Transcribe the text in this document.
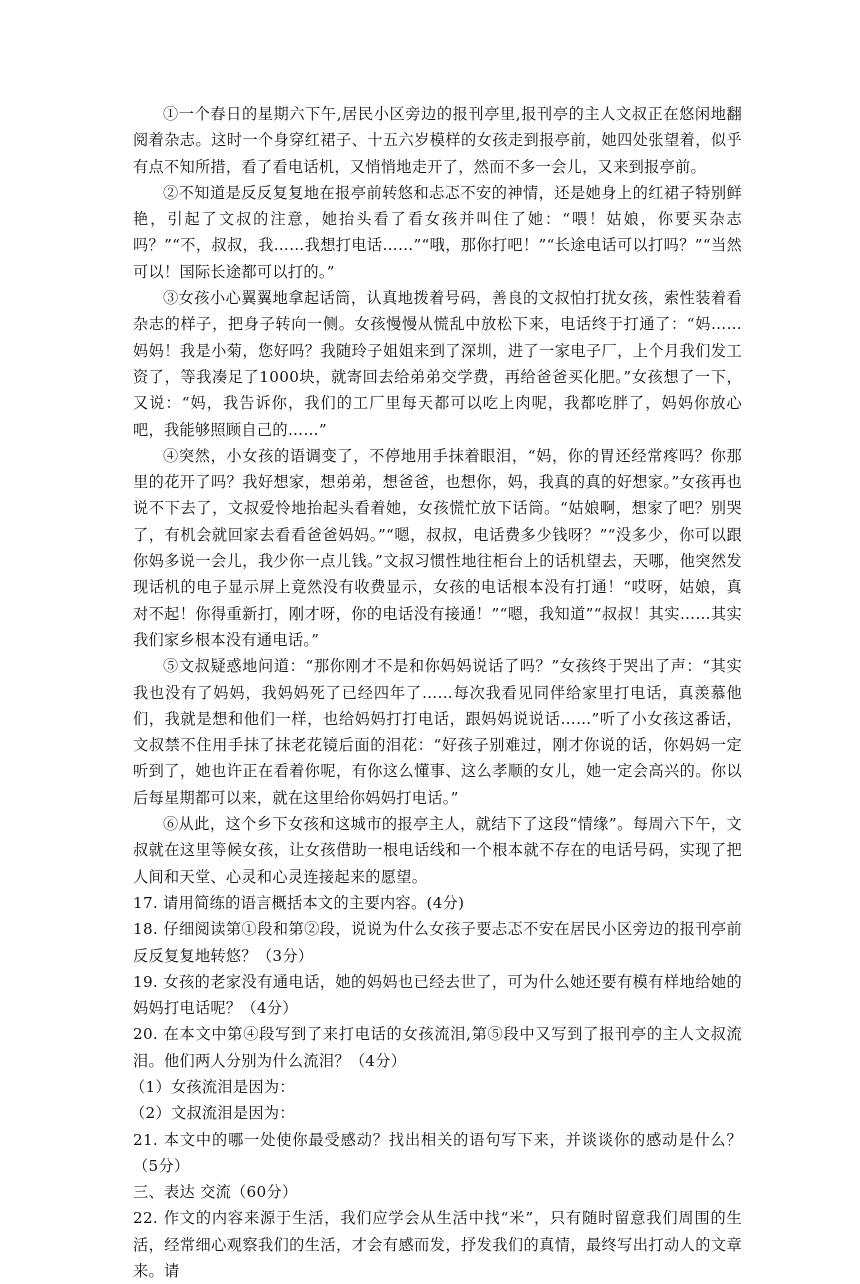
①一个春日的星期六下午,居民小区旁边的报刊亭里,报刊亭的主人文叔正在悠闲地翻阅着杂志。这时一个身穿红裙子、十五六岁模样的女孩走到报亭前，她四处张望着，似乎有点不知所措，看了看电话机，又悄悄地走开了，然而不多一会儿，又来到报亭前。

②不知道是反反复复地在报亭前转悠和忐忑不安的神情，还是她身上的红裙子特别鲜艳，引起了文叔的注意，她抬头看了看女孩并叫住了她：“喂！姑娘，你要买杂志吗？”“不，叔叔，我……我想打电话……”“哦，那你打吧！”“长途电话可以打吗？”“当然可以！国际长途都可以打的。”

③女孩小心翼翼地拿起话筒，认真地拨着号码，善良的文叔怕打扰女孩，索性装着看杂志的样子，把身子转向一侧。女孩慢慢从慌乱中放松下来，电话终于打通了：“妈……妈妈！我是小菊，您好吗？我随玲子姐姐来到了深圳，进了一家电子厂，上个月我们发工资了，等我凑足了1000块，就寄回去给弟弟交学费，再给爸爸买化肥。”女孩想了一下，又说：“妈，我告诉你，我们的工厂里每天都可以吃上肉呢，我都吃胖了，妈妈你放心吧，我能够照顾自己的……”

④突然，小女孩的语调变了，不停地用手抹着眼泪，“妈，你的胃还经常疼吗？你那里的花开了吗？我好想家，想弟弟，想爸爸，也想你，妈，我真的真的好想家。”女孩再也说不下去了，文叔爱怜地抬起头看着她，女孩慌忙放下话筒。“姑娘啊，想家了吧？别哭了，有机会就回家去看看爸爸妈妈。”“嗯，叔叔，电话费多少钱呀？”“没多少，你可以跟你妈多说一会儿，我少你一点儿钱。”文叔习惯性地往柜台上的话机望去，天哪，他突然发现话机的电子显示屏上竟然没有收费显示，女孩的电话根本没有打通！“哎呀，姑娘，真对不起！你得重新打，刚才呀，你的电话没有接通！”“嗯，我知道”“叔叔！其实……其实我们家乡根本没有通电话。”

⑤文叔疑惑地问道：“那你刚才不是和你妈妈说话了吗？”女孩终于哭出了声：“其实我也没有了妈妈，我妈妈死了已经四年了……每次我看见同伴给家里打电话，真羡慕他们，我就是想和他们一样，也给妈妈打打电话，跟妈妈说说话……”听了小女孩这番话，文叔禁不住用手抹了抹老花镜后面的泪花：“好孩子别难过，刚才你说的话，你妈妈一定听到了，她也许正在看着你呢，有你这么懂事、这么孝顺的女儿，她一定会高兴的。你以后每星期都可以来，就在这里给你妈妈打电话。”

⑥从此，这个乡下女孩和这城市的报亭主人，就结下了这段“情缘”。每周六下午，文叔就在这里等候女孩，让女孩借助一根电话线和一个根本就不存在的电话号码，实现了把人间和天堂、心灵和心灵连接起来的愿望。

17. 请用简练的语言概括本文的主要内容。(4分)

18. 仔细阅读第①段和第②段，说说为什么女孩子要忐忑不安在居民小区旁边的报刊亭前反反复复地转悠？（3分）

19. 女孩的老家没有通电话，她的妈妈也已经去世了，可为什么她还要有模有样地给她的妈妈打电话呢？（4分）

20. 在本文中第④段写到了来打电话的女孩流泪,第⑤段中又写到了报刊亭的主人文叔流泪。他们两人分别为什么流泪？（4分）

（1）女孩流泪是因为：

（2）文叔流泪是因为：

21. 本文中的哪一处使你最受感动？找出相关的语句写下来，并谈谈你的感动是什么？（5分）

三、表达 交流（60分）

22. 作文的内容来源于生活，我们应学会从生活中找“米”，只有随时留意我们周围的生活，经常细心观察我们的生活，才会有感而发，抒发我们的真情，最终写出打动人的文章来。请
